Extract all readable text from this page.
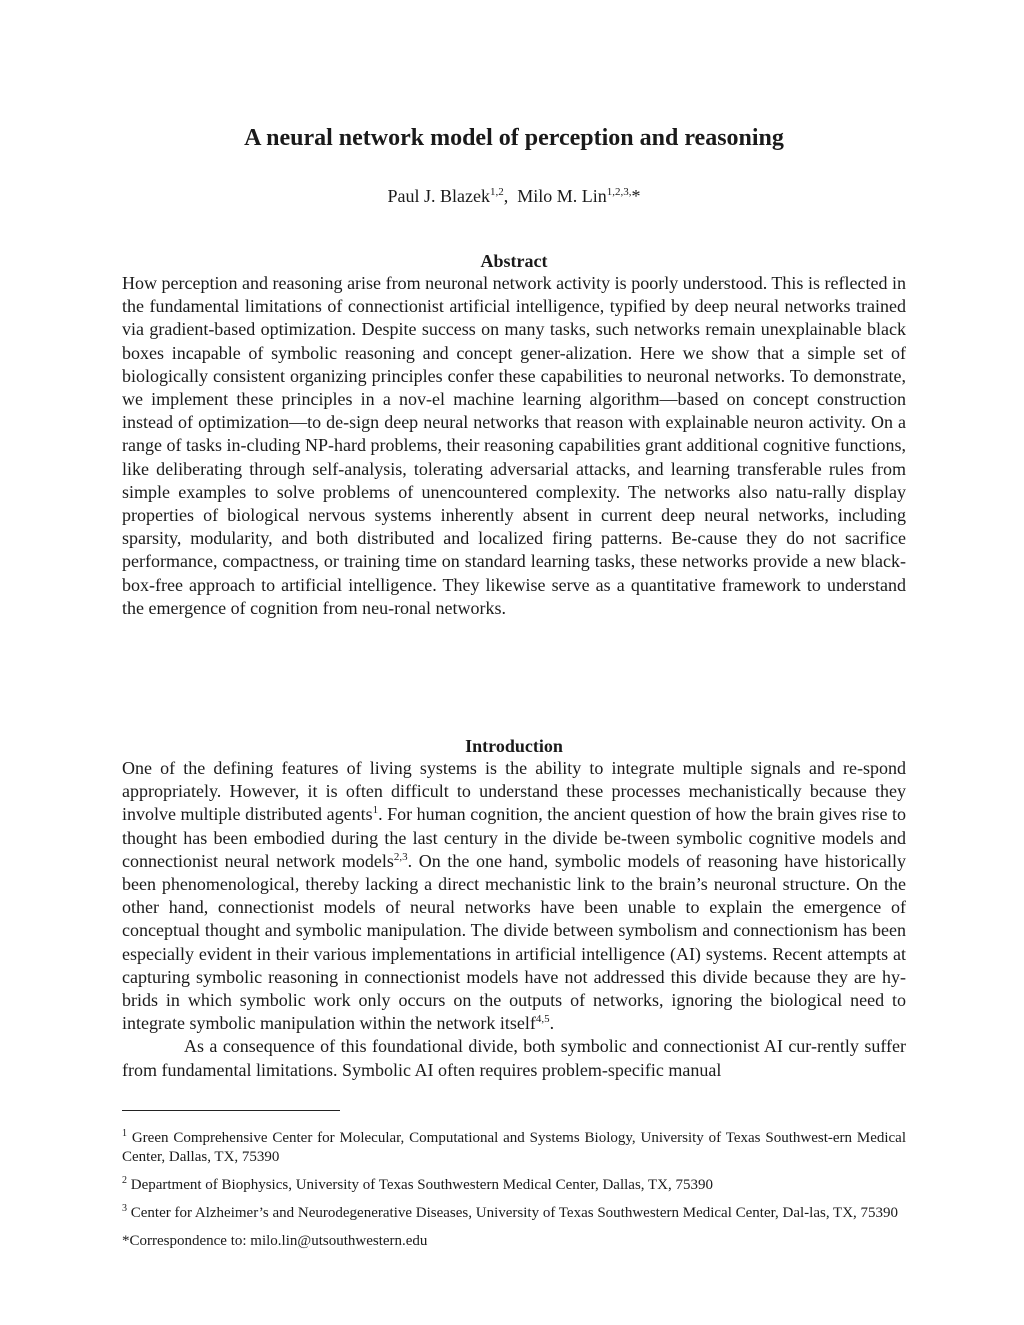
A neural network model of perception and reasoning
Paul J. Blazek$^{1,2}$,  Milo M. Lin$^{1,2,3,}$*
Abstract

How perception and reasoning arise from neuronal network activity is poorly understood. This is reflected in the fundamental limitations of connectionist artificial intelligence, typified by deep neural networks trained via gradient-based optimization. Despite success on many tasks, such networks remain unexplainable black boxes incapable of symbolic reasoning and concept gener-alization. Here we show that a simple set of biologically consistent organizing principles confer these capabilities to neuronal networks. To demonstrate, we implement these principles in a nov-el machine learning algorithm—based on concept construction instead of optimization—to de-sign deep neural networks that reason with explainable neuron activity. On a range of tasks in-cluding NP-hard problems, their reasoning capabilities grant additional cognitive functions, like deliberating through self-analysis, tolerating adversarial attacks, and learning transferable rules from simple examples to solve problems of unencountered complexity. The networks also natu-rally display properties of biological nervous systems inherently absent in current deep neural networks, including sparsity, modularity, and both distributed and localized firing patterns. Be-cause they do not sacrifice performance, compactness, or training time on standard learning tasks, these networks provide a new black-box-free approach to artificial intelligence. They likewise serve as a quantitative framework to understand the emergence of cognition from neu-ronal networks.

Introduction

One of the defining features of living systems is the ability to integrate multiple signals and re-spond appropriately. However, it is often difficult to understand these processes mechanistically because they involve multiple distributed agents$^1$. For human cognition, the ancient question of how the brain gives rise to thought has been embodied during the last century in the divide be-tween symbolic cognitive models and connectionist neural network models$^{2,3}$. On the one hand, symbolic models of reasoning have historically been phenomenological, thereby lacking a direct mechanistic link to the brain’s neuronal structure. On the other hand, connectionist models of neural networks have been unable to explain the emergence of conceptual thought and symbolic manipulation. The divide between symbolism and connectionism has been especially evident in their various implementations in artificial intelligence (AI) systems. Recent attempts at capturing symbolic reasoning in connectionist models have not addressed this divide because they are hy-brids in which symbolic work only occurs on the outputs of networks, ignoring the biological need to integrate symbolic manipulation within the network itself$^{4,5}$.

As a consequence of this foundational divide, both symbolic and connectionist AI cur-rently suffer from fundamental limitations. Symbolic AI often requires problem-specific manual

$^1$ Green Comprehensive Center for Molecular, Computational and Systems Biology, University of Texas Southwest-ern Medical Center, Dallas, TX, 75390

$^2$ Department of Biophysics, University of Texas Southwestern Medical Center, Dallas, TX, 75390

$^3$ Center for Alzheimer’s and Neurodegenerative Diseases, University of Texas Southwestern Medical Center, Dal-las, TX, 75390

*Correspondence to: milo.lin@utsouthwestern.edu
